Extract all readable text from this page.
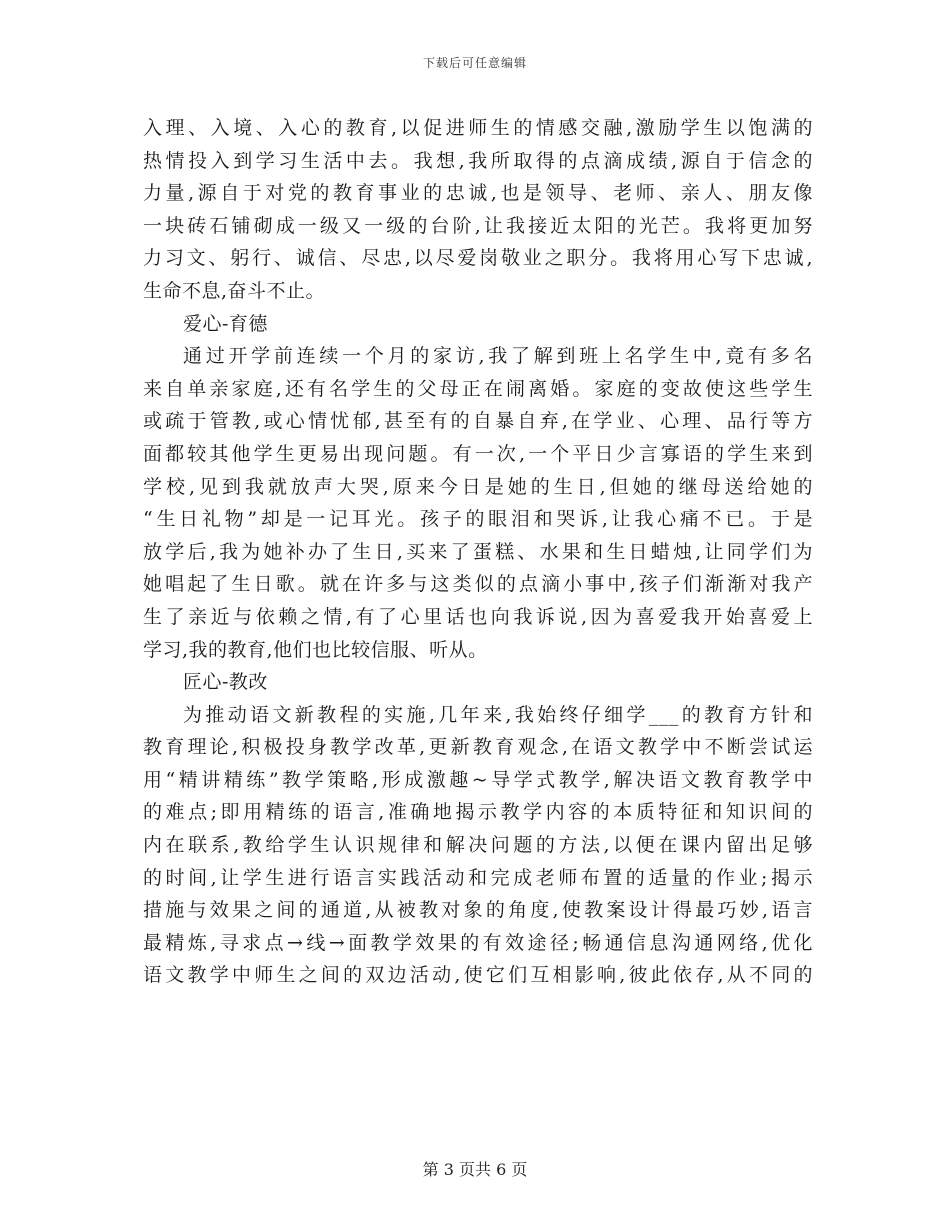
下载后可任意编辑
入理、入境、入心的教育,以促进师生的情感交融,激励学生以饱满的
热情投入到学习生活中去。我想,我所取得的点滴成绩,源自于信念的
力量,源自于对党的教育事业的忠诚,也是领导、老师、亲人、朋友像
一块砖石铺砌成一级又一级的台阶,让我接近太阳的光芒。我将更加努
力习文、躬行、诚信、尽忠,以尽爱岗敬业之职分。我将用心写下忠诚,
生命不息,奋斗不止。
爱心-育德
通过开学前连续一个月的家访,我了解到班上名学生中,竟有多名
来自单亲家庭,还有名学生的父母正在闹离婚。家庭的变故使这些学生
或疏于管教,或心情忧郁,甚至有的自暴自弃,在学业、心理、品行等方
面都较其他学生更易出现问题。有一次,一个平日少言寡语的学生来到
学校,见到我就放声大哭,原来今日是她的生日,但她的继母送给她的
“生日礼物”却是一记耳光。孩子的眼泪和哭诉,让我心痛不已。于是
放学后,我为她补办了生日,买来了蛋糕、水果和生日蜡烛,让同学们为
她唱起了生日歌。就在许多与这类似的点滴小事中,孩子们渐渐对我产
生了亲近与依赖之情,有了心里话也向我诉说,因为喜爱我开始喜爱上
学习,我的教育,他们也比较信服、听从。
匠心-教改
为推动语文新教程的实施,几年来,我始终仔细学___的教育方针和
教育理论,积极投身教学改革,更新教育观念,在语文教学中不断尝试运
用“精讲精练”教学策略,形成激趣~导学式教学,解决语文教育教学中
的难点;即用精练的语言,准确地揭示教学内容的本质特征和知识间的
内在联系,教给学生认识规律和解决问题的方法,以便在课内留出足够
的时间,让学生进行语言实践活动和完成老师布置的适量的作业;揭示
措施与效果之间的通道,从被教对象的角度,使教案设计得最巧妙,语言
最精炼,寻求点→线→面教学效果的有效途径;畅通信息沟通网络,优化
语文教学中师生之间的双边活动,使它们互相影响,彼此依存,从不同的
第 3 页共 6 页
